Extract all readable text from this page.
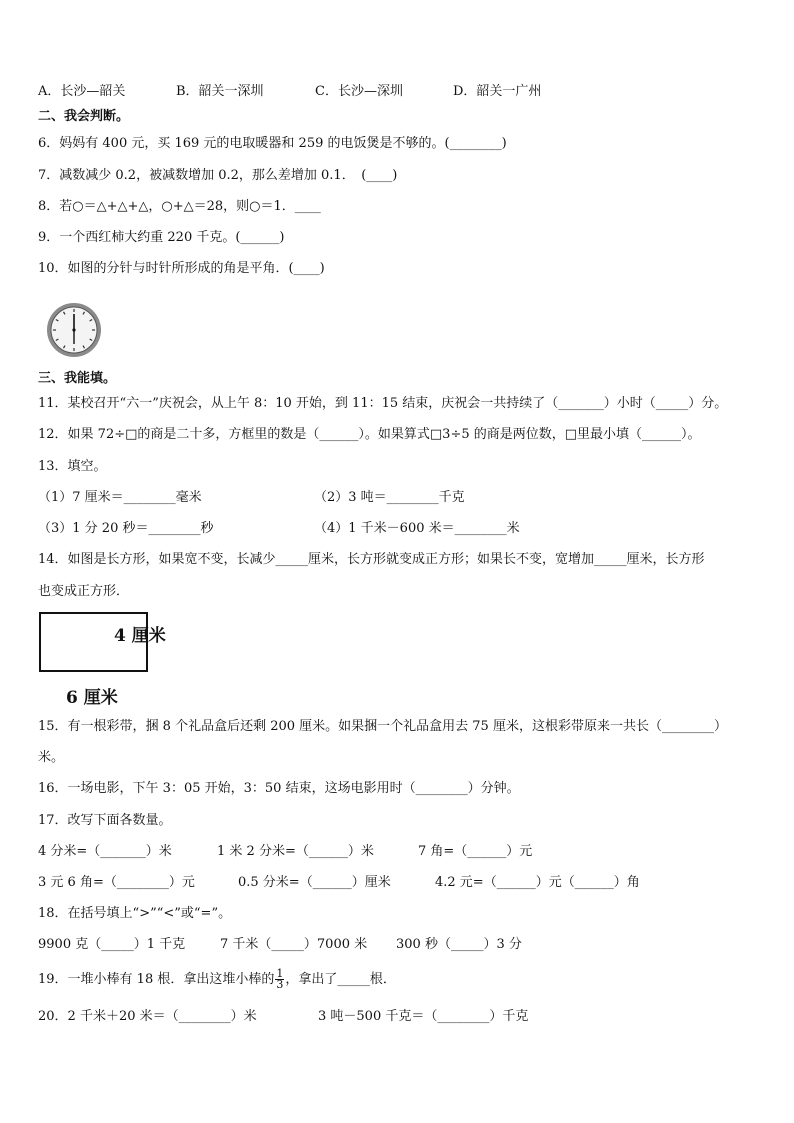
A．长沙—韶关	B．韶关一深圳	C．长沙—深圳	D．韶关一广州
二、我会判断。
6．妈妈有 400 元，买 169 元的电取暖器和 259 的电饭煲是不够的。(________)
7．减数减少 0.2，被减数增加 0.2，那么差增加 0.1．　(____)
8．若○＝△+△+△，○+△＝28，则○＝1．____
9．一个西红柿大约重 220 千克。(______)
10．如图的分针与时针所形成的角是平角．(____)
三、我能填。
11．某校召开“六一”庆祝会，从上午 8：10 开始，到 11：15 结束，庆祝会一共持续了（_______）小时（_____）分。
12．如果 72÷□的商是二十多，方框里的数是（______）。如果算式□3÷5 的商是两位数，□里最小填（______）。
13．填空。
（1）7 厘米＝________毫米	（2）3 吨＝________千克
（3）1 分 20 秒＝________秒	（4）1 千米－600 米＝________米
14．如图是长方形，如果宽不变，长减少_____厘米，长方形就变成正方形；如果长不变，宽增加_____厘米，长方形
也变成正方形．
4 厘米
6 厘米
15．有一根彩带，捆 8 个礼品盒后还剩 200 厘米。如果捆一个礼品盒用去 75 厘米，这根彩带原来一共长（________）
米。
16．一场电影，下午 3：05 开始，3：50 结束，这场电影用时（________）分钟。
17．改写下面各数量。
4 分米=（_______）米	1 米 2 分米=（______）米	7 角=（______）元
3 元 6 角=（________）元	0.5 分米=（______）厘米	4.2 元=（______）元（______）角
18．在括号填上“>”“<”或“=”。
9900 克（_____）1 千克	7 千米（_____）7000 米 300 秒（_____）3 分
19．一堆小棒有 18 根．拿出这堆小棒的 $\frac{1}{3}$ ，拿出了_____根．
20．2 千米＋20 米＝（________）米	3 吨－500 千克＝（________）千克
